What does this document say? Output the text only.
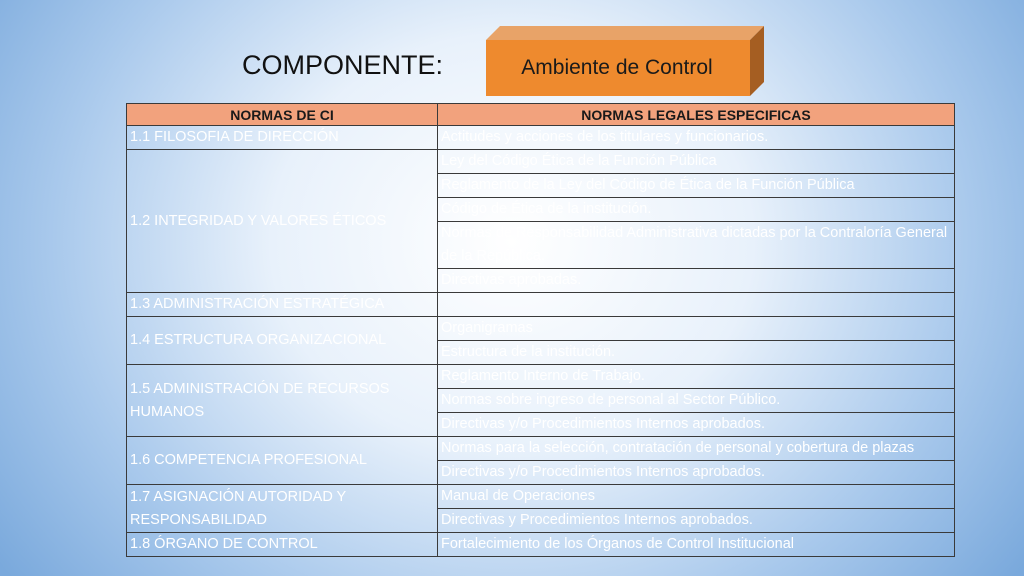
COMPONENTE:	Ambiente de Control
NORMAS DE CI	NORMAS LEGALES ESPECIFICAS
1.1 FILOSOFIA DE DIRECCIÓN	Actitudes y acciones de los titulares y funcionarios.
1.2 INTEGRIDAD Y VALORES ÉTICOS	Ley del Código Ética de la Función Pública
	Reglamento de la Ley del Código de Ética de la Función Pública
	Código de Ética de la institución.
	Normas de Responsabilidad Administrativa dictadas por la Contraloría General de la República.
	Directivas aprobadas.
1.3 ADMINISTRACIÓN ESTRATÉGICA	
1.4 ESTRUCTURA ORGANIZACIONAL	Organigramas
	Estructura de la institución.
1.5 ADMINISTRACIÓN DE RECURSOS HUMANOS	Reglamento Interno de Trabajo.
	Normas sobre ingreso de personal al Sector Público.
	Directivas y/o Procedimientos Internos aprobados.
1.6 COMPETENCIA PROFESIONAL	Normas para la selección, contratación de personal y cobertura de plazas
	Directivas y/o Procedimientos Internos aprobados.
1.7 ASIGNACIÓN AUTORIDAD Y RESPONSABILIDAD	Manual de Operaciones
	Directivas y Procedimientos Internos aprobados.
1.8 ÓRGANO DE CONTROL	Fortalecimiento de los Órganos de Control Institucional
